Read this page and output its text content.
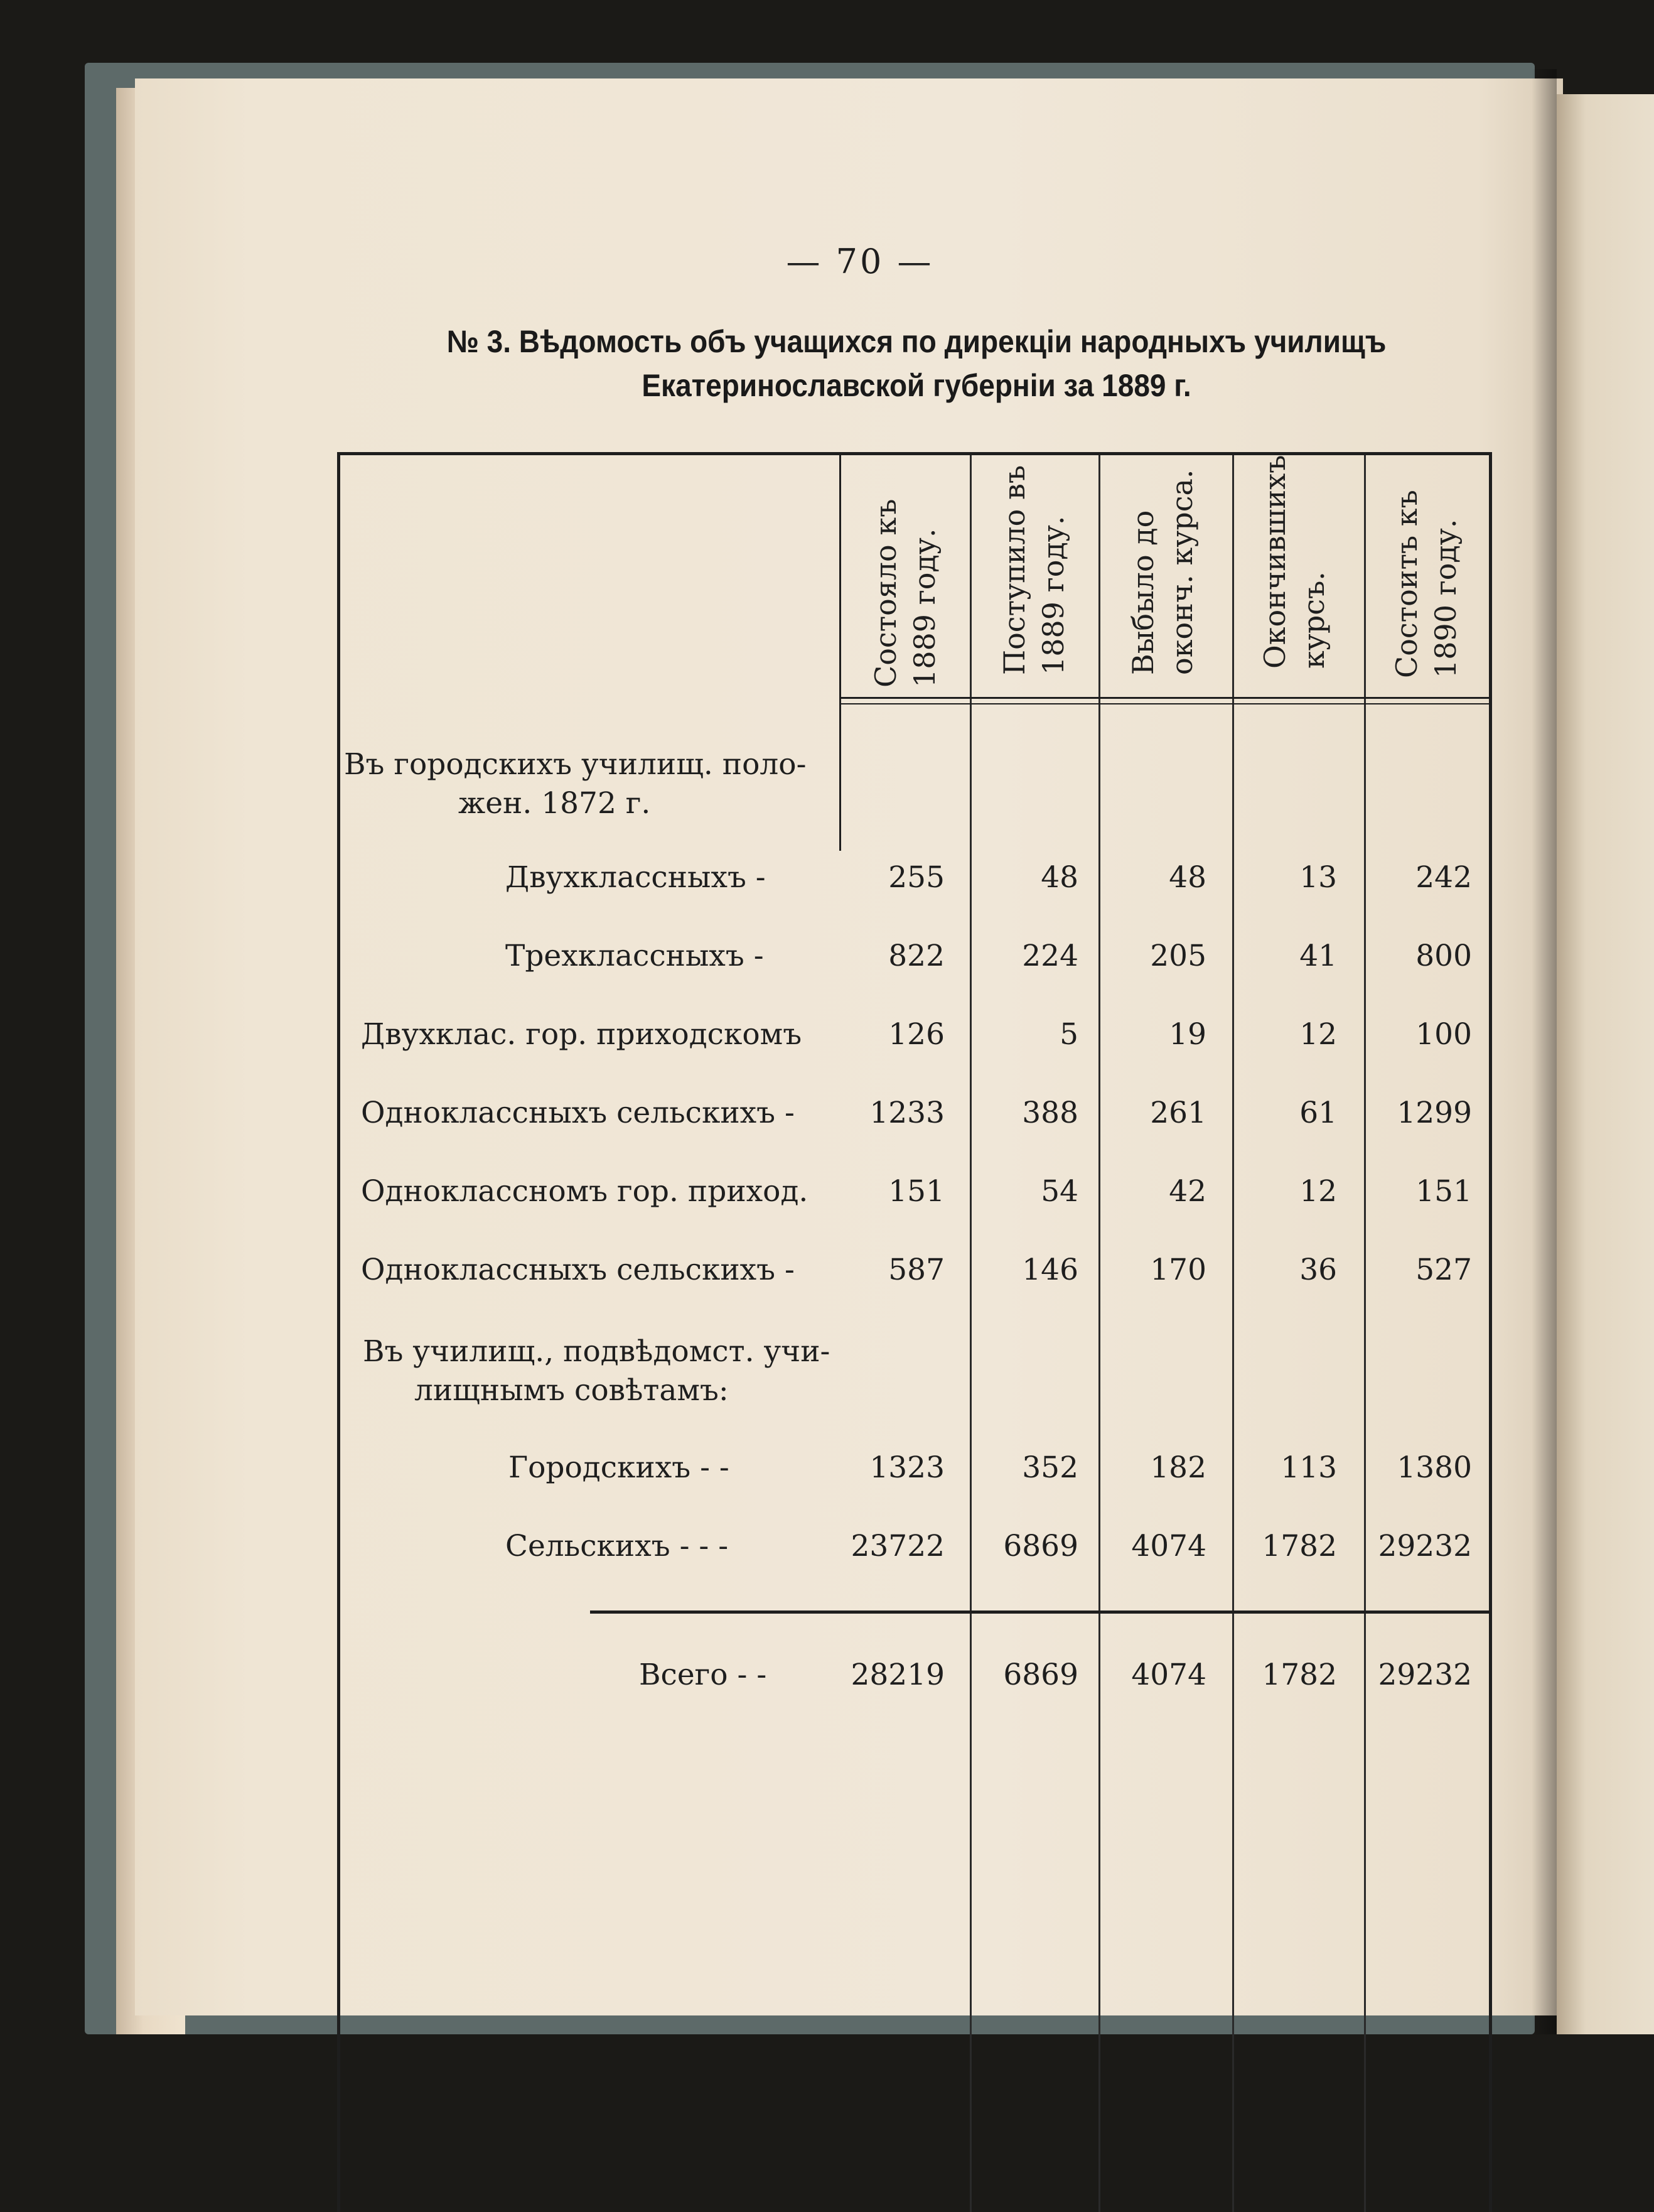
— 70 —
№ 3. Вѣдомость объ учащихся по дирекціи народныхъ училищъ
Екатеринославской губерніи за 1889 г.
Состояло къ 1889 году. Поступило въ 1889 году. Выбыло до оконч. курса. Окончившихъ курсъ. Состоитъ къ 1890 году.
Въ городскихъ училищ. поло-
жен. 1872 г.
Въ училищ., подвѣдомст. учи-
лищнымъ совѣтамъ:
Двухклассныхъ -	255	48	48	13	242
Трехклассныхъ -	822	224 205	41	800
Двухклас. гор. приходскомъ	126	5	19	12	100
Одноклассныхъ сельскихъ -	1233	388 261	61 1299
Одноклассномъ гор. приход.	151	54	42	12	151
Одноклассныхъ сельскихъ -	587	146 170	36	527
Городскихъ - -	1323	352 182	113 1380
Сельскихъ - - -	23722 6869 4074 1782 29232
Всего - -	28219 6869 4074 1782 29232
